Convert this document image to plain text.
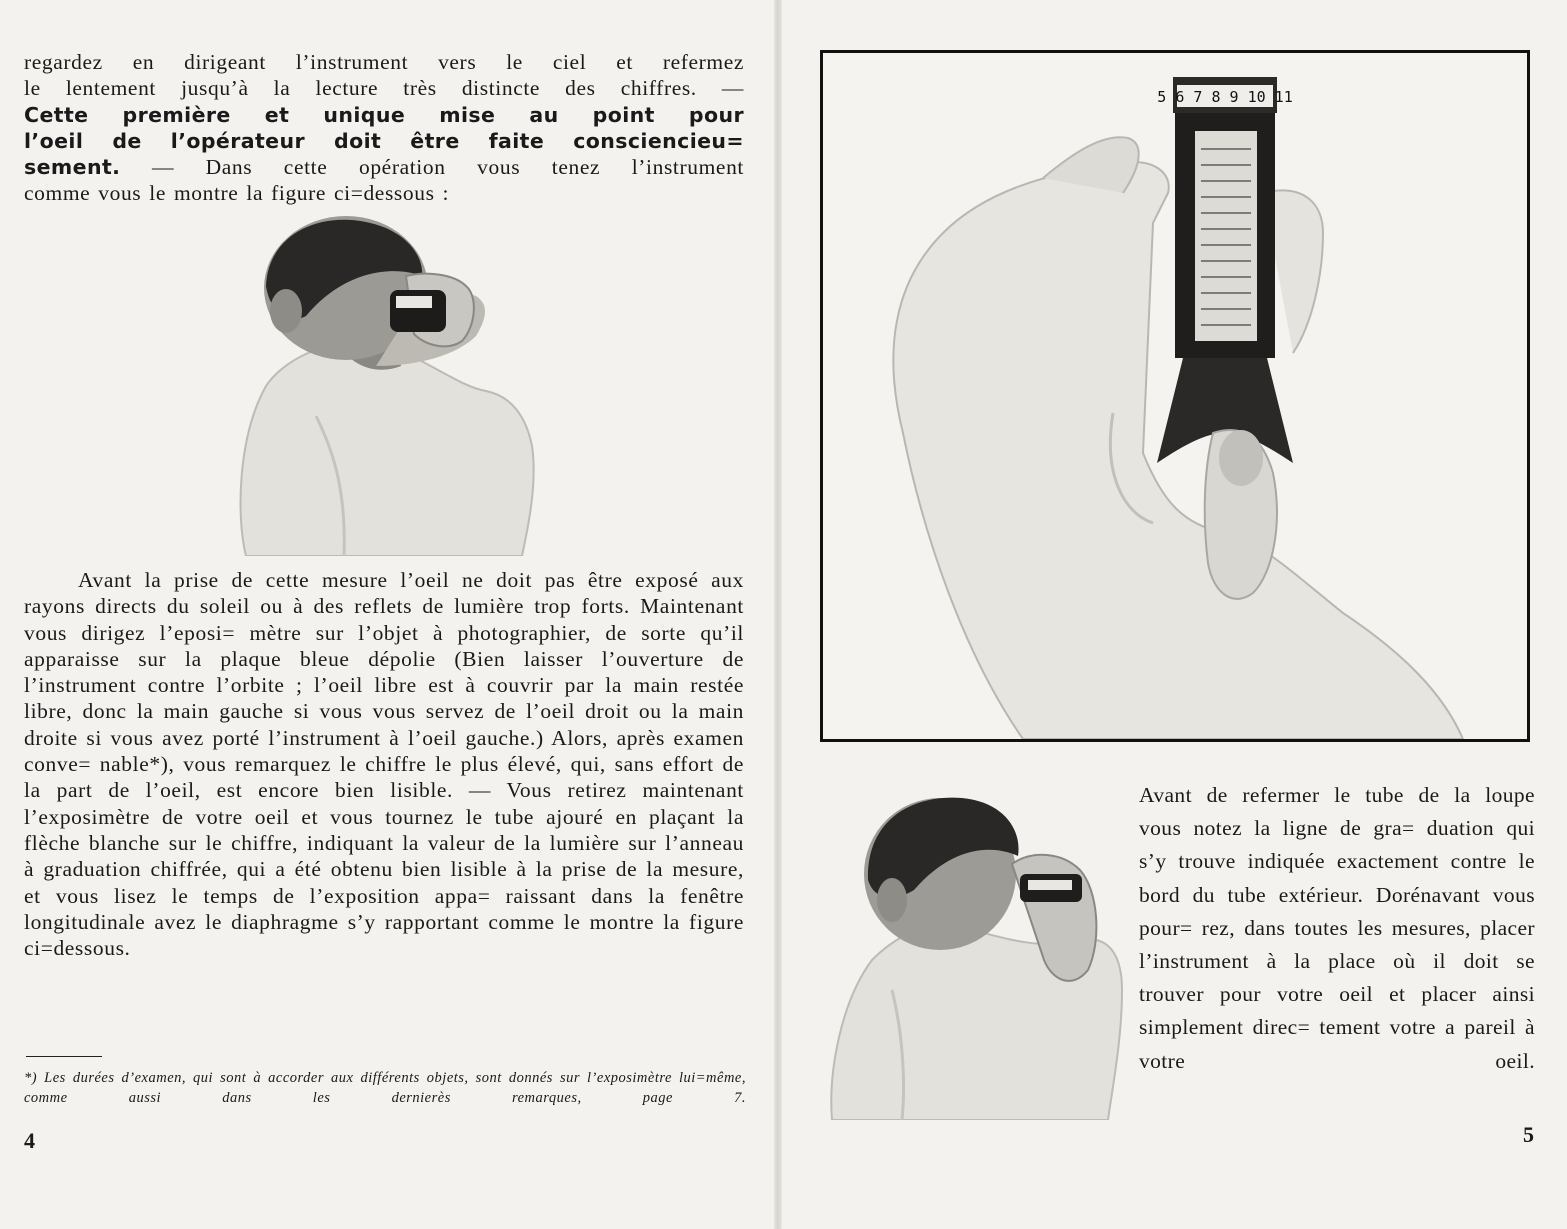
regardez en dirigeant l’instrument vers le ciel et refermez
le lentement jusqu’à la lecture très distincte des chiffres. —
Cette première et unique mise au point pour
l’oeil de l’opérateur doit être faite consciencieu=
sement. — Dans cette opération vous tenez l’instrument
comme vous le montre la figure ci=dessous :

Avant la prise de cette mesure l’oeil ne doit pas être exposé aux rayons directs du soleil ou à des reflets de lumière trop forts. Maintenant vous dirigez l’eposi= mètre sur l’objet à photographier, de sorte qu’il apparaisse sur la plaque bleue dépolie (Bien laisser l’ouverture de l’instrument contre l’orbite ; l’oeil libre est à couvrir par la main restée libre, donc la main gauche si vous vous servez de l’oeil droit ou la main droite si vous avez porté l’instrument à l’oeil gauche.) Alors, après examen conve= nable*), vous remarquez le chiffre le plus élevé, qui, sans effort de la part de l’oeil, est encore bien lisible. — Vous retirez maintenant l’exposimètre de votre oeil et vous tournez le tube ajouré en plaçant la flèche blanche sur le chiffre, indiquant la valeur de la lumière sur l’anneau à graduation chiffrée, qui a été obtenu bien lisible à la prise de la mesure, et vous lisez le temps de l’exposition appa= raissant dans la fenêtre longitudinale avez le diaphragme s’y rapportant comme le montre la figure ci=dessous.

*) Les durées d’examen, qui sont à accorder aux différents objets, sont donnés sur l’exposimètre lui=même, comme aussi dans les dernierès remarques, page 7.

4
5 6 7 8 9 10 11

Avant de refermer le tube de la loupe vous notez la ligne de gra= duation qui s’y trouve indiquée exactement contre le bord du tube extérieur. Dorénavant vous pour= rez, dans toutes les mesures, placer l’instrument à la place où il doit se trouver pour votre oeil et placer ainsi simplement direc= tement votre a pareil à votre oeil.

5
